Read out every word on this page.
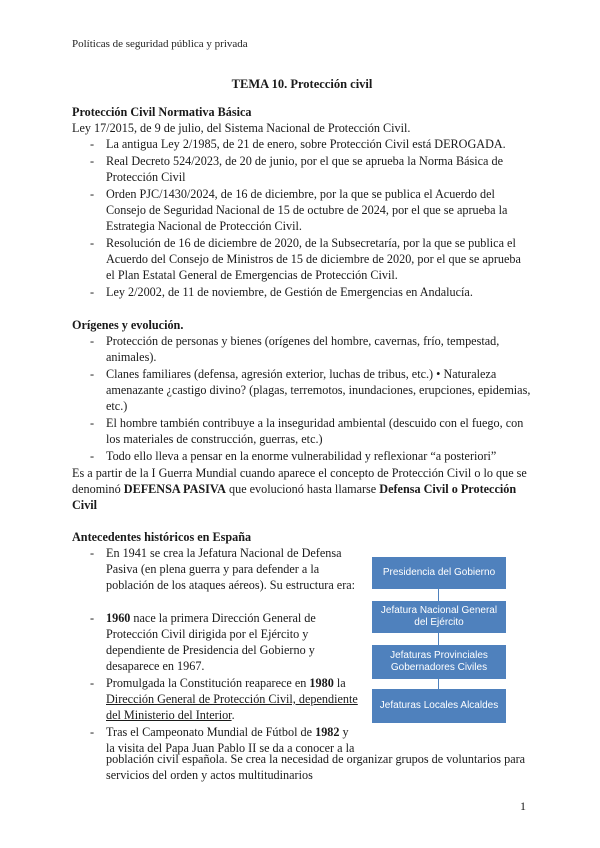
Políticas de seguridad pública y privada
TEMA 10. Protección civil
Protección Civil Normativa Básica
Ley 17/2015, de 9 de julio, del Sistema Nacional de Protección Civil.
- La antigua Ley 2/1985, de 21 de enero, sobre Protección Civil está DEROGADA.
- Real Decreto 524/2023, de 20 de junio, por el que se aprueba la Norma Básica de Protección Civil
- Orden PJC/1430/2024, de 16 de diciembre, por la que se publica el Acuerdo del Consejo de Seguridad Nacional de 15 de octubre de 2024, por el que se aprueba la Estrategia Nacional de Protección Civil.
- Resolución de 16 de diciembre de 2020, de la Subsecretaría, por la que se publica el Acuerdo del Consejo de Ministros de 15 de diciembre de 2020, por el que se aprueba el Plan Estatal General de Emergencias de Protección Civil.
- Ley 2/2002, de 11 de noviembre, de Gestión de Emergencias en Andalucía.
Orígenes y evolución.
- Protección de personas y bienes (orígenes del hombre, cavernas, frío, tempestad, animales).
- Clanes familiares (defensa, agresión exterior, luchas de tribus, etc.) • Naturaleza amenazante ¿castigo divino? (plagas, terremotos, inundaciones, erupciones, epidemias, etc.)
- El hombre también contribuye a la inseguridad ambiental (descuido con el fuego, con los materiales de construcción, guerras, etc.)
- Todo ello lleva a pensar en la enorme vulnerabilidad y reflexionar “a posteriori”
Es a partir de la I Guerra Mundial cuando aparece el concepto de Protección Civil o lo que se denominó DEFENSA PASIVA que evolucionó hasta llamarse Defensa Civil o Protección Civil
Antecedentes históricos en España
- En 1941 se crea la Jefatura Nacional de Defensa Pasiva (en plena guerra y para defender a la población de los ataques aéreos). Su estructura era:
- 1960 nace la primera Dirección General de Protección Civil dirigida por el Ejército y dependiente de Presidencia del Gobierno y desaparece en 1967.
- Promulgada la Constitución reaparece en 1980 la Dirección General de Protección Civil, dependiente del Ministerio del Interior.
- Tras el Campeonato Mundial de Fútbol de 1982 y la visita del Papa Juan Pablo II se da a conocer a la
población civil española. Se crea la necesidad de organizar grupos de voluntarios para servicios del orden y actos multitudinarios
Presidencia del Gobierno
Jefatura Nacional General del Ejército
Jefaturas Provinciales Gobernadores Civiles
Jefaturas Locales Alcaldes
1
